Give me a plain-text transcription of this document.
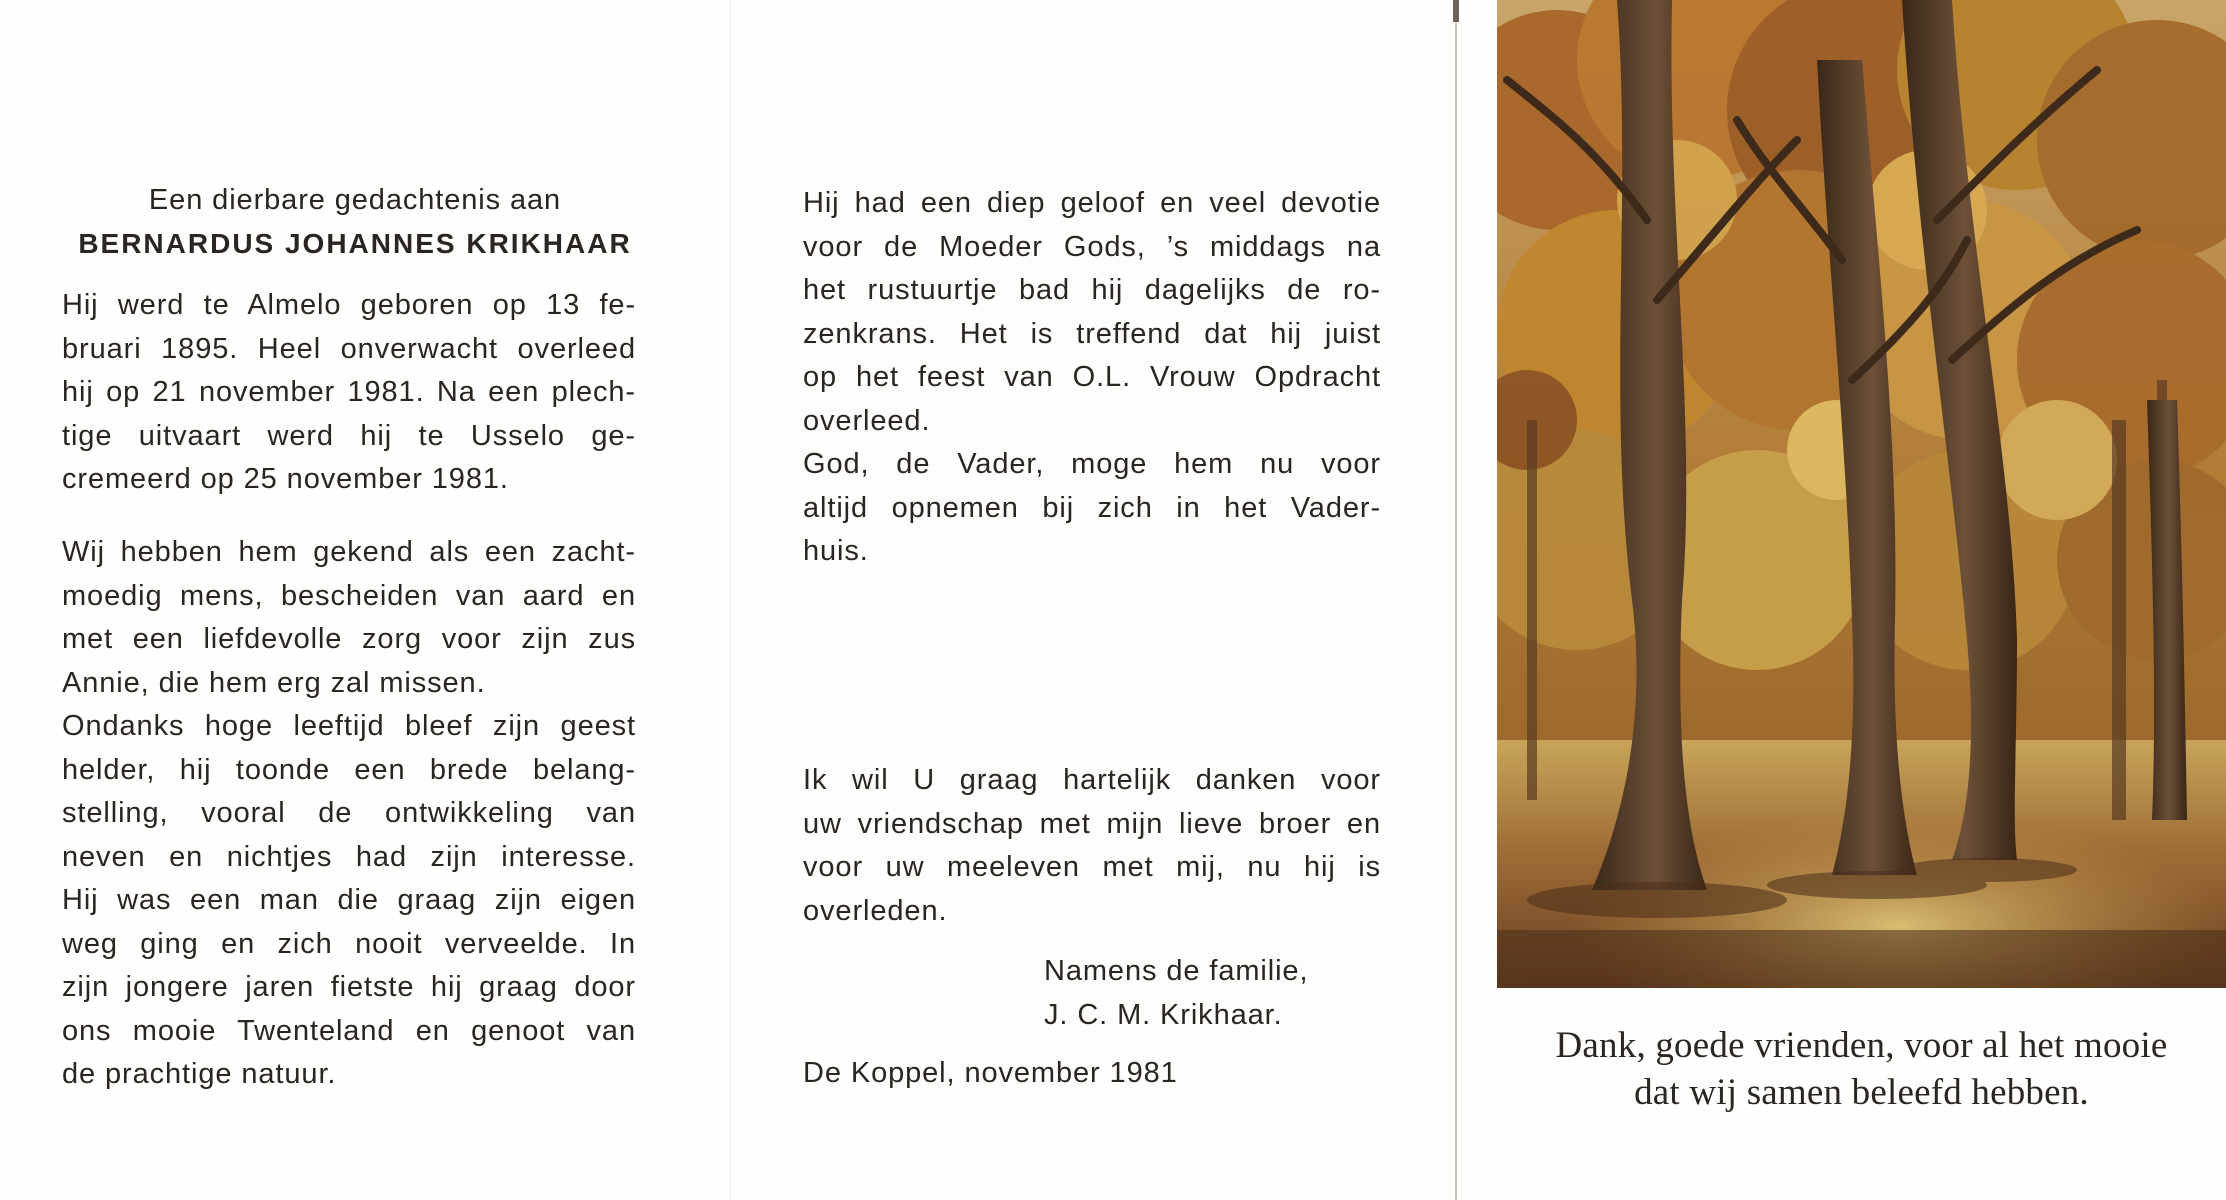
Een dierbare gedachtenis aan
BERNARDUS JOHANNES KRIKHAAR
Hij werd te Almelo geboren op 13 fe-
bruari 1895. Heel onverwacht overleed
hij op 21 november 1981. Na een plech-
tige uitvaart werd hij te Usselo ge-
cremeerd op 25 november 1981.
Wij hebben hem gekend als een zacht-
moedig mens, bescheiden van aard en
met een liefdevolle zorg voor zijn zus
Annie, die hem erg zal missen.
Ondanks hoge leeftijd bleef zijn geest
helder, hij toonde een brede belang-
stelling, vooral de ontwikkeling van
neven en nichtjes had zijn interesse.
Hij was een man die graag zijn eigen
weg ging en zich nooit verveelde. In
zijn jongere jaren fietste hij graag door
ons mooie Twenteland en genoot van
de prachtige natuur.
Hij had een diep geloof en veel devotie
voor de Moeder Gods, ’s middags na
het rustuurtje bad hij dagelijks de ro-
zenkrans. Het is treffend dat hij juist
op het feest van O.L. Vrouw Opdracht
overleed.
God, de Vader, moge hem nu voor
altijd opnemen bij zich in het Vader-
huis.
Ik wil U graag hartelijk danken voor
uw vriendschap met mijn lieve broer en
voor uw meeleven met mij, nu hij is
overleden.
Namens de familie,
J. C. M. Krikhaar.
De Koppel, november 1981
Dank, goede vrienden, voor al het mooie
dat wij samen beleefd hebben.
